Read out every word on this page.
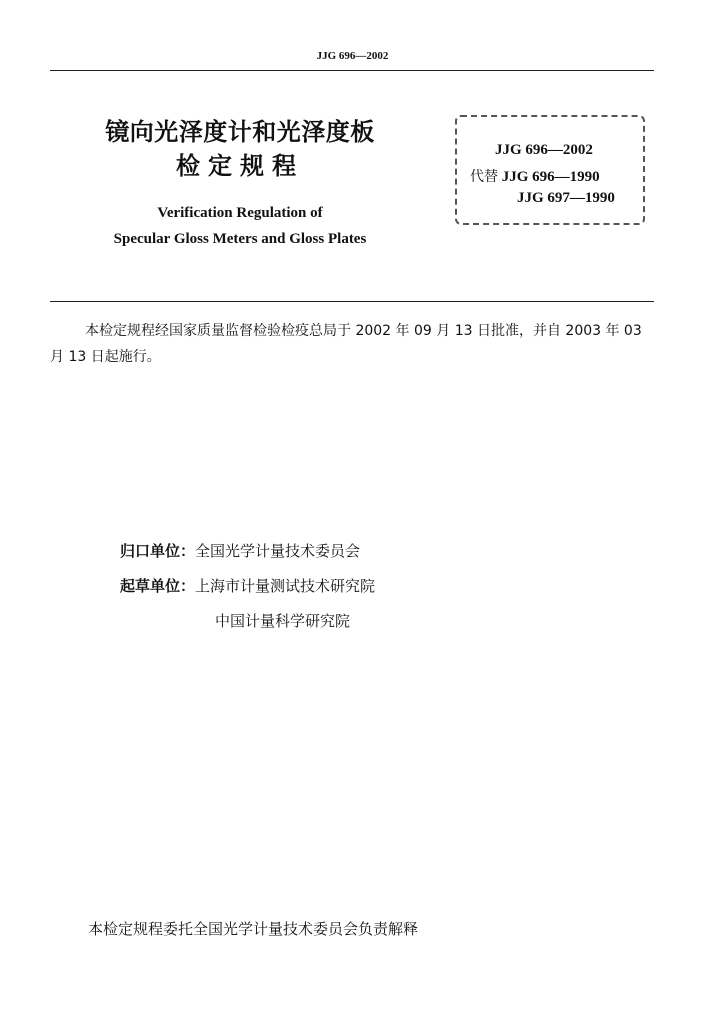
JJG 696—2002
镜向光泽度计和光泽度板
检定规程
Verification Regulation of
Specular Gloss Meters and Gloss Plates
JJG 696—2002
代替 JJG 696—1990
JJG 697—1990
本检定规程经国家质量监督检验检疫总局于 2002 年 09 月 13 日批准，并自 2003 年 03 月 13 日起施行。
归口单位：全国光学计量技术委员会
起草单位：上海市计量测试技术研究院
中国计量科学研究院
本检定规程委托全国光学计量技术委员会负责解释
